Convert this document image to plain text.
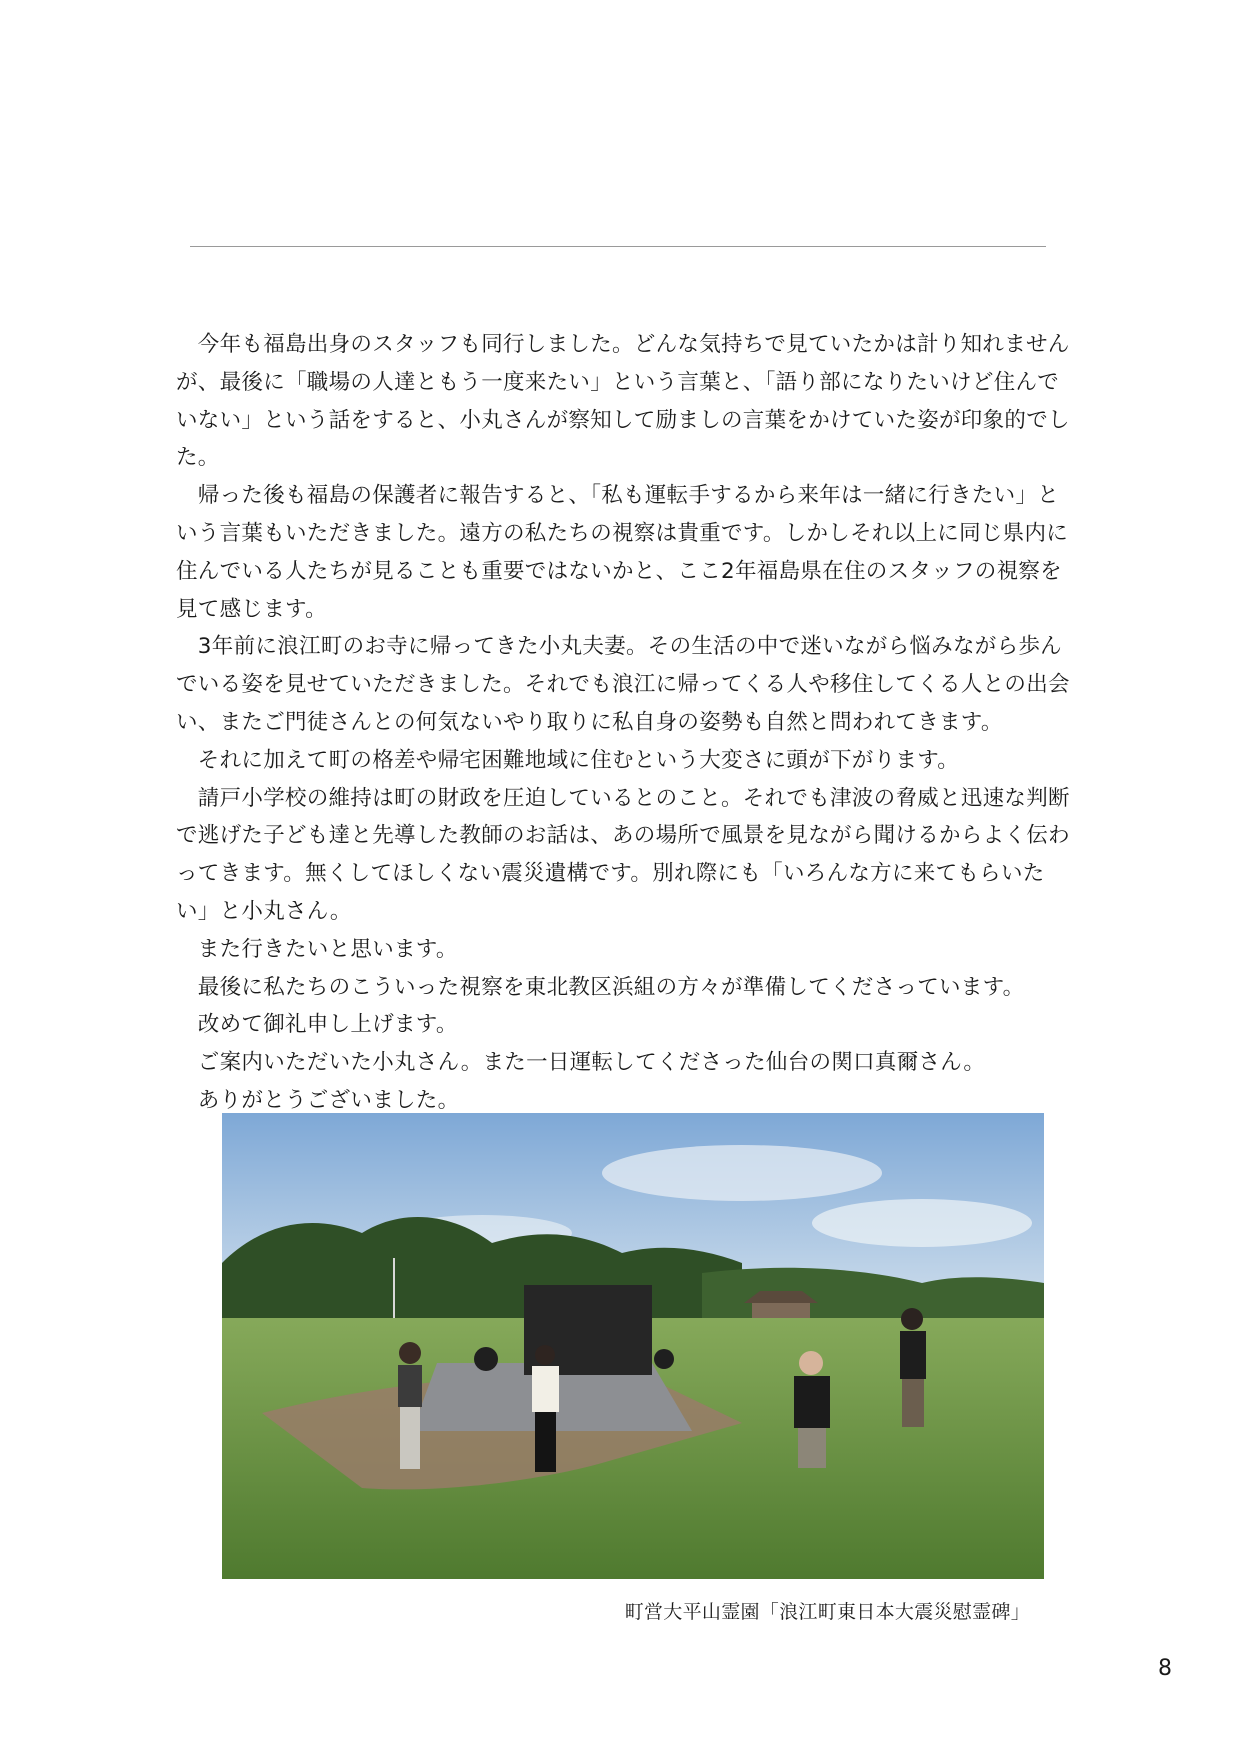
　今年も福島出身のスタッフも同行しました。どんな気持ちで見ていたかは計り知れませんが、最後に「職場の人達ともう一度来たい」という言葉と、「語り部になりたいけど住んでいない」という話をすると、小丸さんが察知して励ましの言葉をかけていた姿が印象的でした。

　帰った後も福島の保護者に報告すると、「私も運転手するから来年は一緒に行きたい」という言葉もいただきました。遠方の私たちの視察は貴重です。しかしそれ以上に同じ県内に住んでいる人たちが見ることも重要ではないかと、ここ2年福島県在住のスタッフの視察を見て感じます。

　3年前に浪江町のお寺に帰ってきた小丸夫妻。その生活の中で迷いながら悩みながら歩んでいる姿を見せていただきました。それでも浪江に帰ってくる人や移住してくる人との出会い、またご門徒さんとの何気ないやり取りに私自身の姿勢も自然と問われてきます。

　それに加えて町の格差や帰宅困難地域に住むという大変さに頭が下がります。

　請戸小学校の維持は町の財政を圧迫しているとのこと。それでも津波の脅威と迅速な判断で逃げた子ども達と先導した教師のお話は、あの場所で風景を見ながら聞けるからよく伝わってきます。無くしてほしくない震災遺構です。別れ際にも「いろんな方に来てもらいたい」と小丸さん。

　また行きたいと思います。

　最後に私たちのこういった視察を東北教区浜組の方々が準備してくださっています。

　改めて御礼申し上げます。

　ご案内いただいた小丸さん。また一日運転してくださった仙台の関口真爾さん。

　ありがとうございました。

町営大平山霊園「浪江町東日本大震災慰霊碑」
8
